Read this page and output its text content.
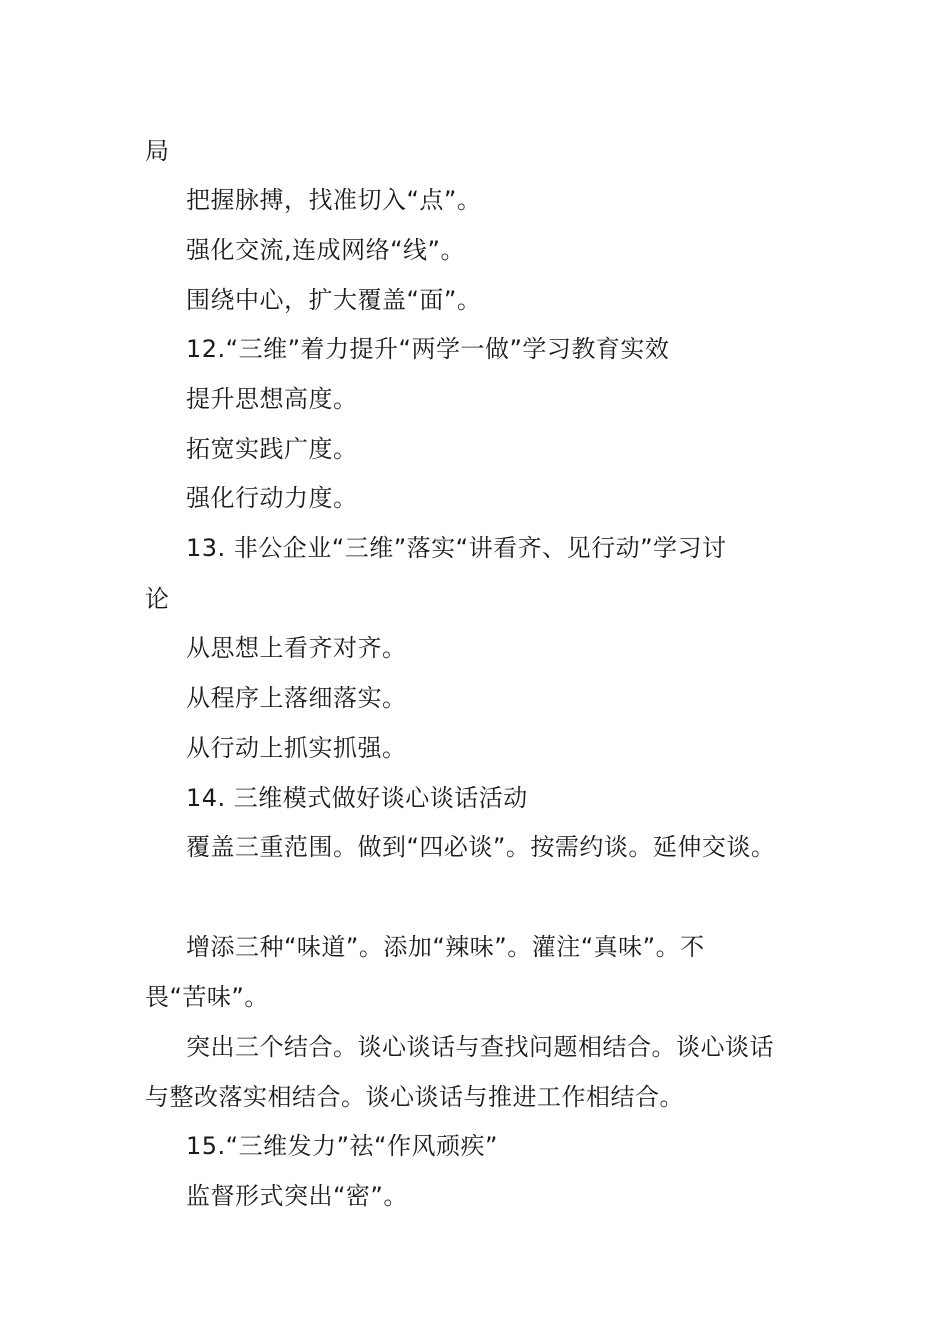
局
把握脉搏，找准切入“点”。
强化交流,连成网络“线”。
围绕中心，扩大覆盖“面”。
12.“三维”着力提升“两学一做”学习教育实效
提升思想高度。
拓宽实践广度。
强化行动力度。
13. 非公企业“三维”落实“讲看齐、见行动”学习讨
论
从思想上看齐对齐。
从程序上落细落实。
从行动上抓实抓强。
14. 三维模式做好谈心谈话活动
覆盖三重范围。做到“四必谈”。按需约谈。延伸交谈。
增添三种“味道”。添加“辣味”。灌注“真味”。不
畏“苦味”。
突出三个结合。谈心谈话与查找问题相结合。谈心谈话
与整改落实相结合。谈心谈话与推进工作相结合。
15.“三维发力”祛“作风顽疾”
监督形式突出“密”。
